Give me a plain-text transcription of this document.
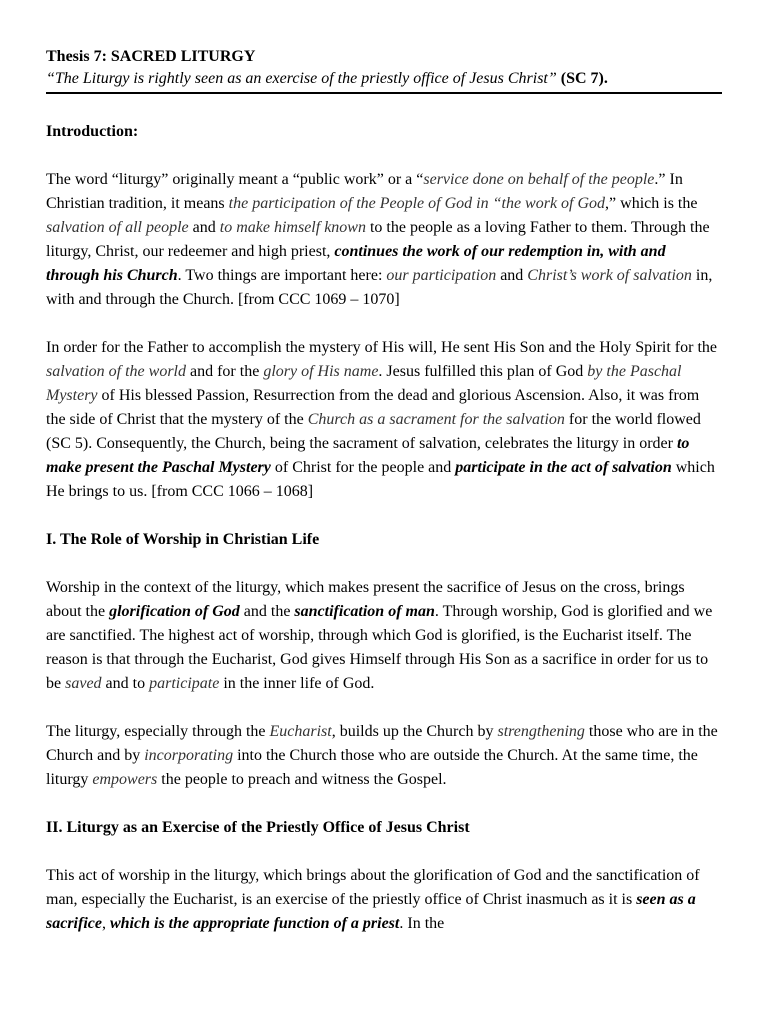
Thesis 7: SACRED LITURGY
“The Liturgy is rightly seen as an exercise of the priestly office of Jesus Christ” (SC 7).
Introduction:

The word “liturgy” originally meant a “public work” or a “service done on behalf of the people.” In Christian tradition, it means the participation of the People of God in “the work of God,” which is the salvation of all people and to make himself known to the people as a loving Father to them. Through the liturgy, Christ, our redeemer and high priest, continues the work of our redemption in, with and through his Church. Two things are important here: our participation and Christ’s work of salvation in, with and through the Church. [from CCC 1069 – 1070]

In order for the Father to accomplish the mystery of His will, He sent His Son and the Holy Spirit for the salvation of the world and for the glory of His name. Jesus fulfilled this plan of God by the Paschal Mystery of His blessed Passion, Resurrection from the dead and glorious Ascension. Also, it was from the side of Christ that the mystery of the Church as a sacrament for the salvation for the world flowed (SC 5). Consequently, the Church, being the sacrament of salvation, celebrates the liturgy in order to make present the Paschal Mystery of Christ for the people and participate in the act of salvation which He brings to us. [from CCC 1066 – 1068]

I. The Role of Worship in Christian Life

Worship in the context of the liturgy, which makes present the sacrifice of Jesus on the cross, brings about the glorification of God and the sanctification of man. Through worship, God is glorified and we are sanctified. The highest act of worship, through which God is glorified, is the Eucharist itself. The reason is that through the Eucharist, God gives Himself through His Son as a sacrifice in order for us to be saved and to participate in the inner life of God.

The liturgy, especially through the Eucharist, builds up the Church by strengthening those who are in the Church and by incorporating into the Church those who are outside the Church. At the same time, the liturgy empowers the people to preach and witness the Gospel.

II. Liturgy as an Exercise of the Priestly Office of Jesus Christ

This act of worship in the liturgy, which brings about the glorification of God and the sanctification of man, especially the Eucharist, is an exercise of the priestly office of Christ inasmuch as it is seen as a sacrifice, which is the appropriate function of a priest. In the
